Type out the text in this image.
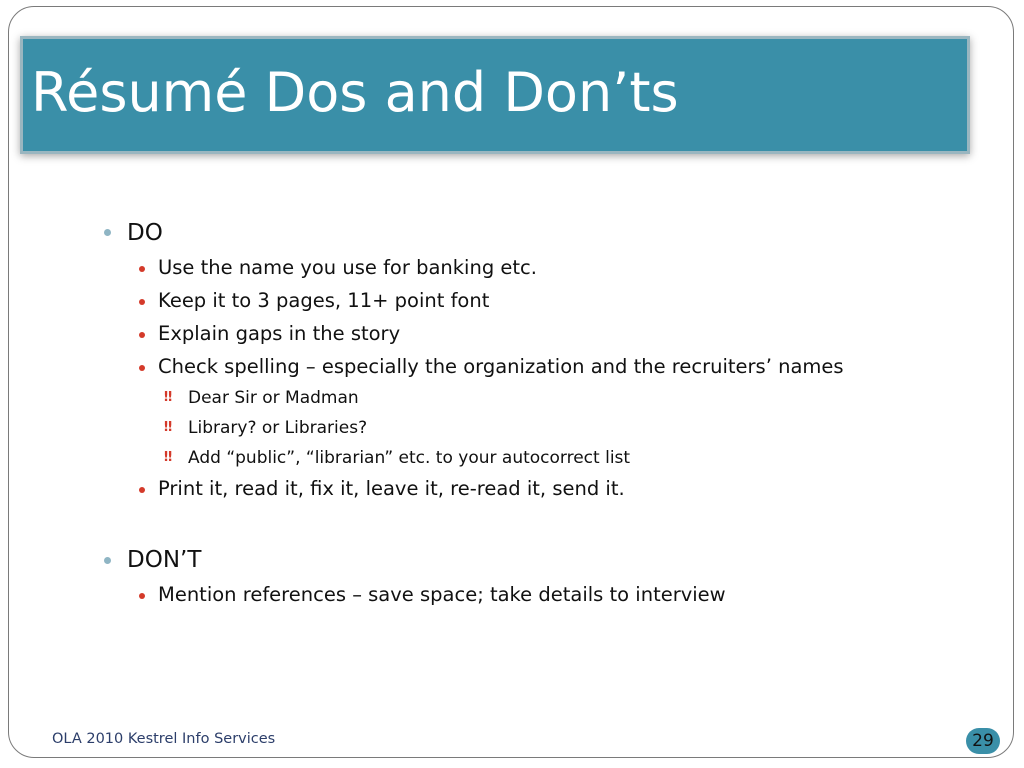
Résumé Dos and Don’ts
DO
Use the name you use for banking etc.
Keep it to 3 pages, 11+ point font
Explain gaps in the story
Check spelling – especially the organization and the recruiters’ names
‼ Dear Sir or Madman
‼ Library? or Libraries?
‼ Add “public”, “librarian” etc. to your autocorrect list
Print it, read it, fix it, leave it, re-read it, send it.
DON’T
Mention references – save space; take details to interview
OLA 2010 Kestrel Info Services	29
